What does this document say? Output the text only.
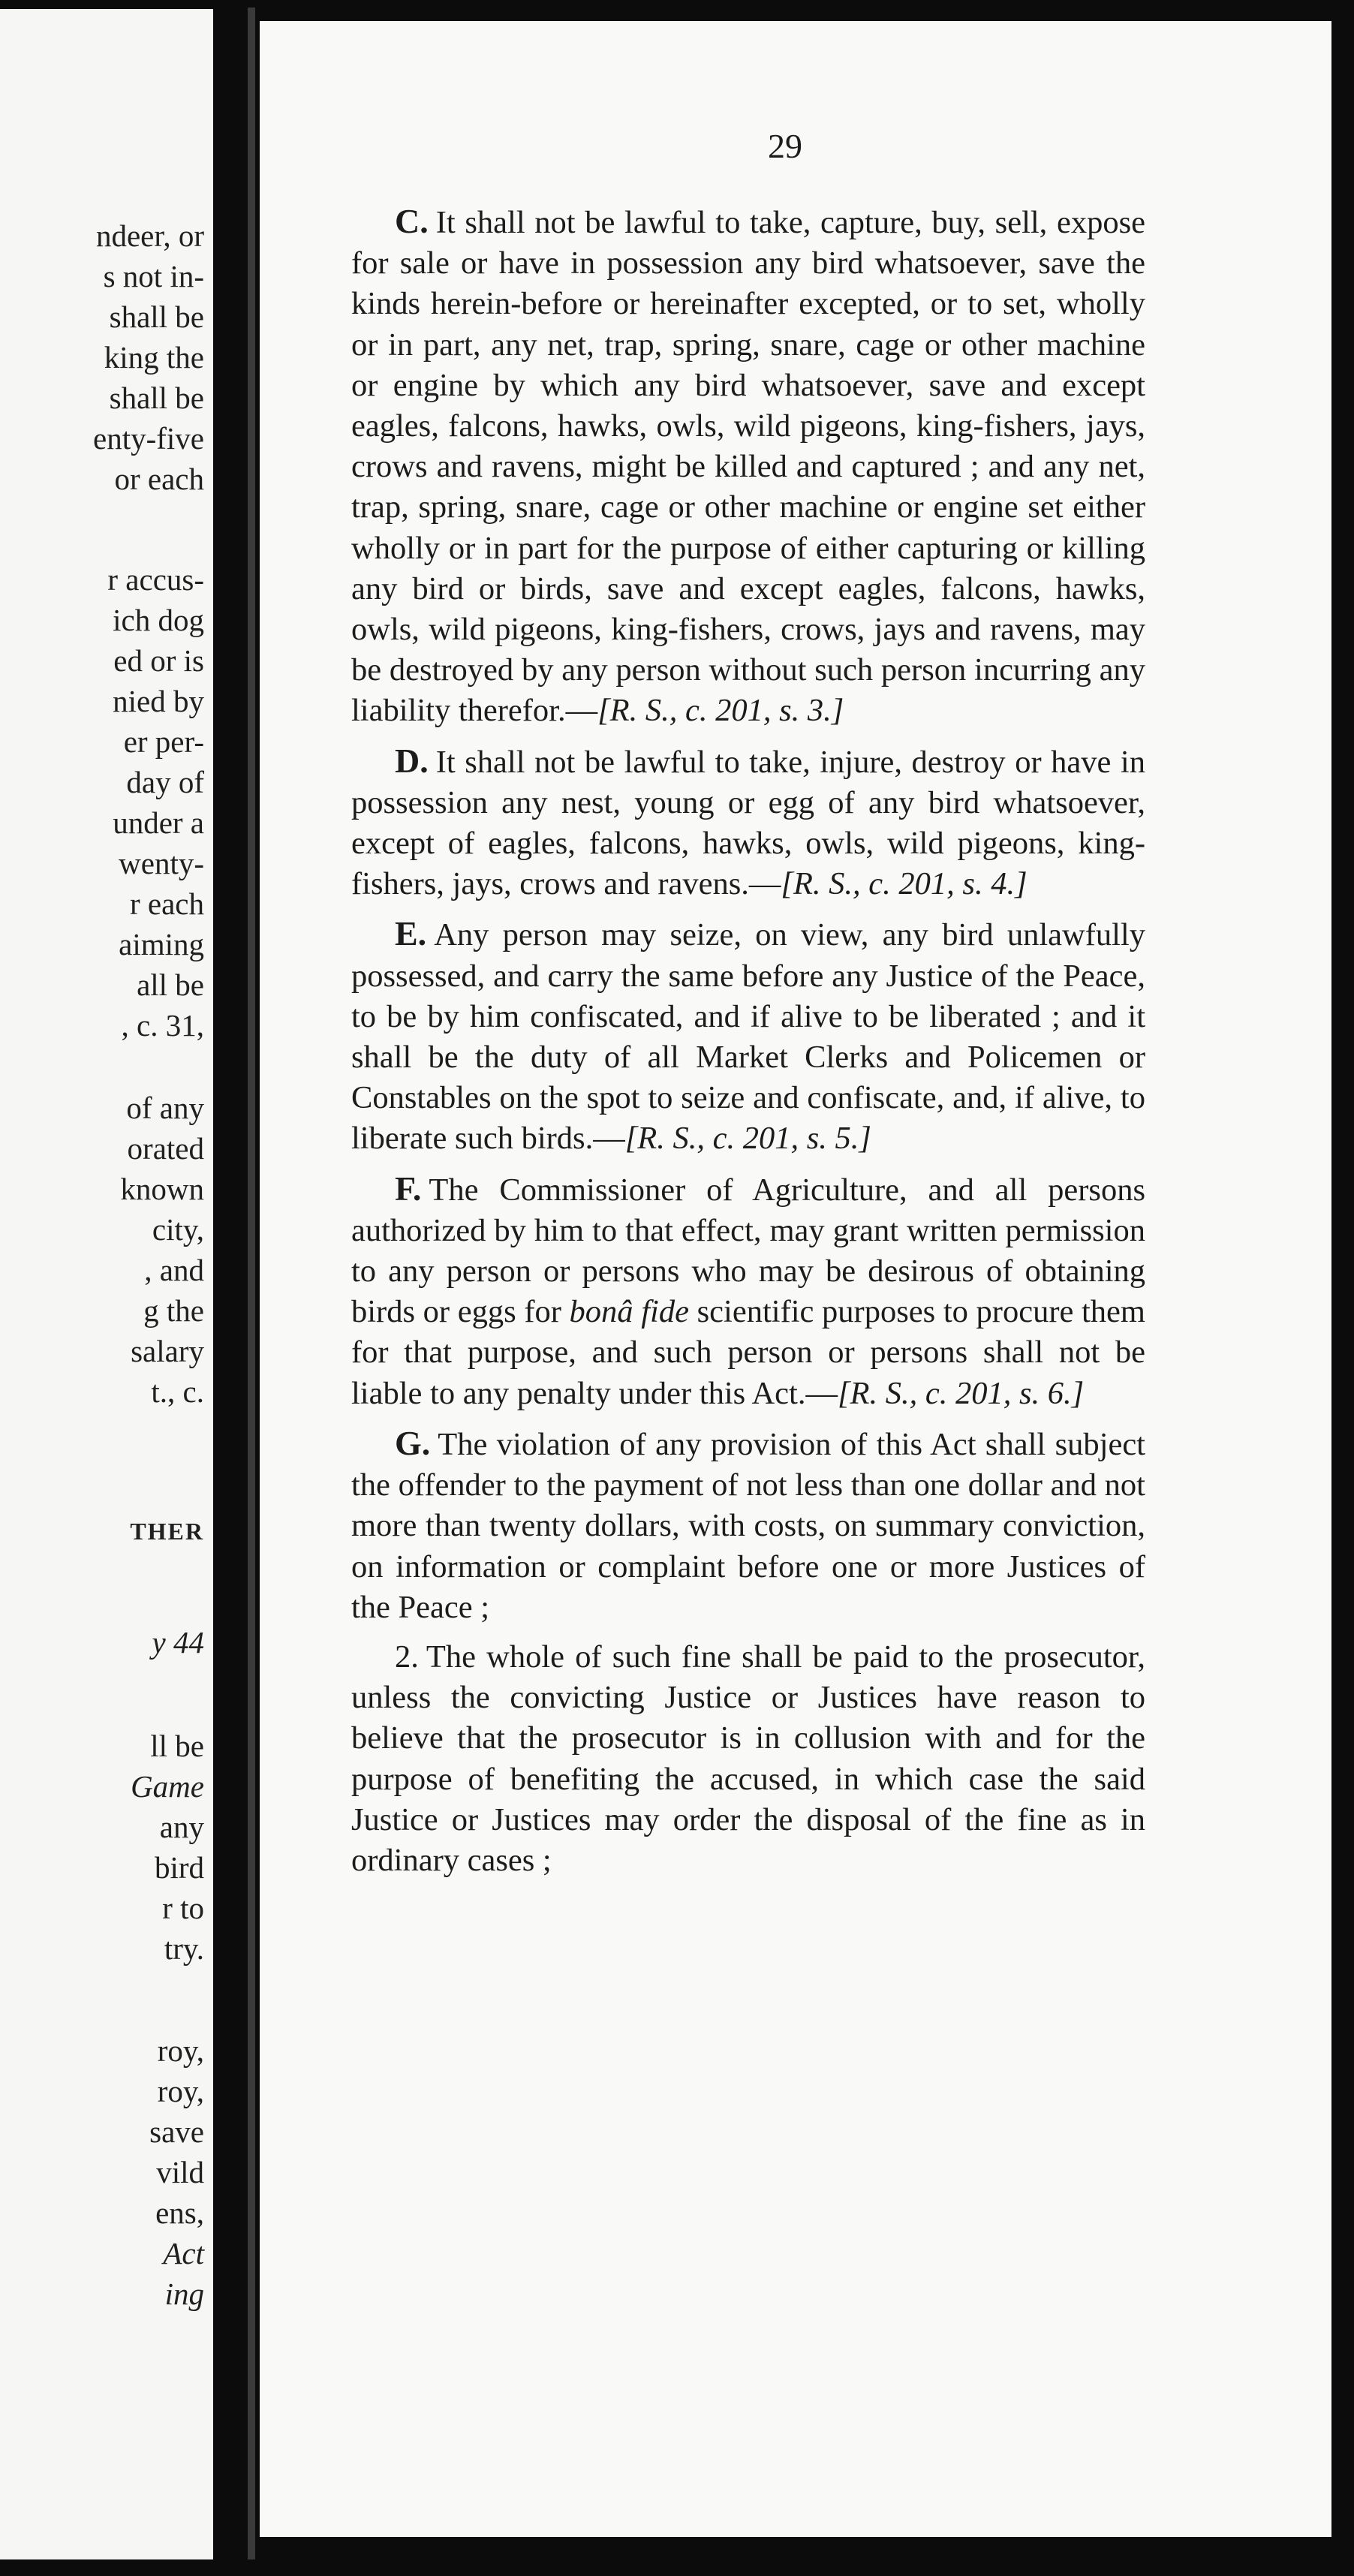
ndeer, or
s not in-
shall be
king the
shall be
enty-five
or each
r accus-
ich dog
ed or is
nied by
er per-
day of
under a
wenty-
r each
aiming
all be
, c. 31,
of any
orated
known
city,
, and
g the
salary
t., c.
THER
y 44
ll be
Game
any
bird
r to
try.
roy,
roy,
save
vild
ens,
Act
ing
29

C. It shall not be lawful to take, capture, buy, sell, expose for sale or have in possession any bird whatsoever, save the kinds herein-before or hereinafter excepted, or to set, wholly or in part, any net, trap, spring, snare, cage or other machine or engine by which any bird whatsoever, save and except eagles, falcons, hawks, owls, wild pigeons, king-fishers, jays, crows and ravens, might be killed and captured ; and any net, trap, spring, snare, cage or other machine or engine set either wholly or in part for the purpose of either capturing or killing any bird or birds, save and except eagles, falcons, hawks, owls, wild pigeons, king-fishers, crows, jays and ravens, may be destroyed by any person without such person incurring any liability therefor.—[R. S., c. 201, s. 3.]

D. It shall not be lawful to take, injure, destroy or have in possession any nest, young or egg of any bird whatsoever, except of eagles, falcons, hawks, owls, wild pigeons, king-fishers, jays, crows and ravens.—[R. S., c. 201, s. 4.]

E. Any person may seize, on view, any bird unlawfully possessed, and carry the same before any Justice of the Peace, to be by him confiscated, and if alive to be liberated ; and it shall be the duty of all Market Clerks and Policemen or Constables on the spot to seize and confiscate, and, if alive, to liberate such birds.—[R. S., c. 201, s. 5.]

F. The Commissioner of Agriculture, and all persons authorized by him to that effect, may grant written permission to any person or persons who may be desirous of obtaining birds or eggs for bonâ fide scientific purposes to procure them for that purpose, and such person or persons shall not be liable to any penalty under this Act.—[R. S., c. 201, s. 6.]

G. The violation of any provision of this Act shall subject the offender to the payment of not less than one dollar and not more than twenty dollars, with costs, on summary conviction, on information or complaint before one or more Justices of the Peace ;

2. The whole of such fine shall be paid to the prosecutor, unless the convicting Justice or Justices have reason to believe that the prosecutor is in collusion with and for the purpose of benefiting the accused, in which case the said Justice or Justices may order the disposal of the fine as in ordinary cases ;
